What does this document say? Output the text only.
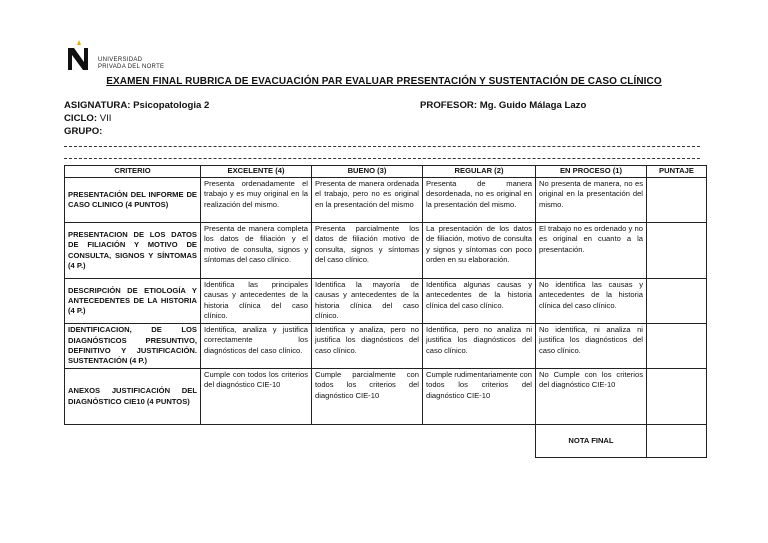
UNIVERSIDAD
PRIVADA DEL NORTE
EXAMEN FINAL RUBRICA DE EVACUACIÓN PAR EVALUAR PRESENTACIÓN Y SUSTENTACIÓN DE CASO CLÍNICO
ASIGNATURA: Psicopatologia 2	PROFESOR: Mg. Guido Málaga Lazo
CICLO: VII
GRUPO:
CRITERIO	EXCELENTE (4)	BUENO (3)	REGULAR (2)	EN PROCESO (1)	PUNTAJE
PRESENTACIÓN DEL INFORME DE CASO CLINICO (4 PUNTOS)	Presenta ordenadamente el trabajo y es muy original en la realización del mismo.	Presenta de manera ordenada el trabajo, pero no es original en la presentación del mismo	Presenta de manera desordenada, no es original en la presentación del mismo.	No presenta de manera, no es original en la presentación del mismo.	
PRESENTACION DE LOS DATOS DE FILIACIÓN Y MOTIVO DE CONSULTA, SIGNOS Y SÍNTOMAS (4 P.)	Presenta de manera completa los datos de filiación y el motivo de consulta, signos y síntomas del caso clínico.	Presenta parcialmente los datos de filiación motivo de consulta, signos y síntomas del caso clínico.	La presentación de los datos de filiación, motivo de consulta y signos y síntomas con poco orden en su elaboración.	El trabajo no es ordenado y no es original en cuanto a la presentación.	
DESCRIPCIÓN DE ETIOLOGÍA Y ANTECEDENTES DE LA HISTORIA (4 P.)	Identifica las principales causas y antecedentes de la historia clínica del caso clínico.	Identifica la mayoría de causas y antecedentes de la historia clínica del caso clínico.	Identifica algunas causas y antecedentes de la historia clínica del caso clínico.	No identifica las causas y antecedentes de la historia clínica del caso clínico.	
IDENTIFICACION, DE LOS DIAGNÓSTICOS PRESUNTIVO, DEFINITIVO Y JUSTIFICACIÓN. SUSTENTACIÓN (4 P.)	Identifica, analiza y justifica correctamente los diagnósticos del caso clínico.	Identifica y analiza, pero no justifica los diagnósticos del caso clínico.	Identifica, pero no analiza ni justifica los diagnósticos del caso clínico.	No identifica, ni analiza ni justifica los diagnósticos del caso clínico.	
ANEXOS JUSTIFICACIÓN DEL DIAGNÓSTICO CIE10 (4 PUNTOS)	Cumple con todos los criterios del diagnóstico CIE-10	Cumple parcialmente con todos los criterios del diagnóstico CIE-10	Cumple rudimentariamente con todos los criterios del diagnóstico CIE-10	No Cumple con los criterios del diagnóstico CIE-10	
				NOTA FINAL	
